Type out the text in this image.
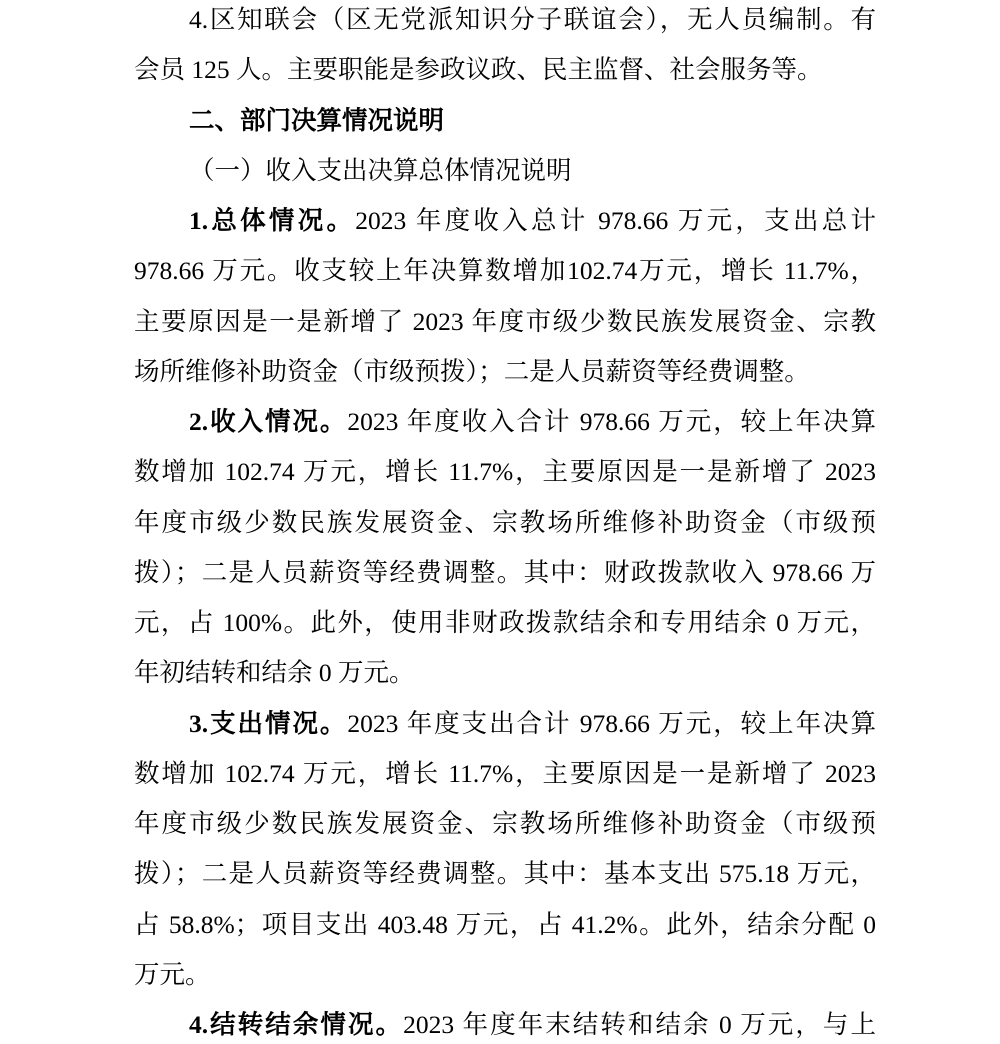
4.区知联会（区无党派知识分子联谊会），无人员编制。有
会员 125 人。主要职能是参政议政、民主监督、社会服务等。
二、部门决算情况说明
（一）收入支出决算总体情况说明
1.总体情况。2023 年度收入总计 978.66 万元，支出总计
978.66 万元。收支较上年决算数增加102.74万元，增长 11.7%，
主要原因是一是新增了 2023 年度市级少数民族发展资金、宗教
场所维修补助资金（市级预拨）；二是人员薪资等经费调整。
2.收入情况。2023 年度收入合计 978.66 万元，较上年决算
数增加 102.74 万元，增长 11.7%，主要原因是一是新增了 2023
年度市级少数民族发展资金、宗教场所维修补助资金（市级预
拨）；二是人员薪资等经费调整。其中：财政拨款收入 978.66 万
元，占 100%。此外，使用非财政拨款结余和专用结余 0 万元，
年初结转和结余 0 万元。
3.支出情况。2023 年度支出合计 978.66 万元，较上年决算
数增加 102.74 万元，增长 11.7%，主要原因是一是新增了 2023
年度市级少数民族发展资金、宗教场所维修补助资金（市级预
拨）；二是人员薪资等经费调整。其中：基本支出 575.18 万元，
占 58.8%；项目支出 403.48 万元，占 41.2%。此外，结余分配 0
万元。
4.结转结余情况。2023 年度年末结转和结余 0 万元，与上
